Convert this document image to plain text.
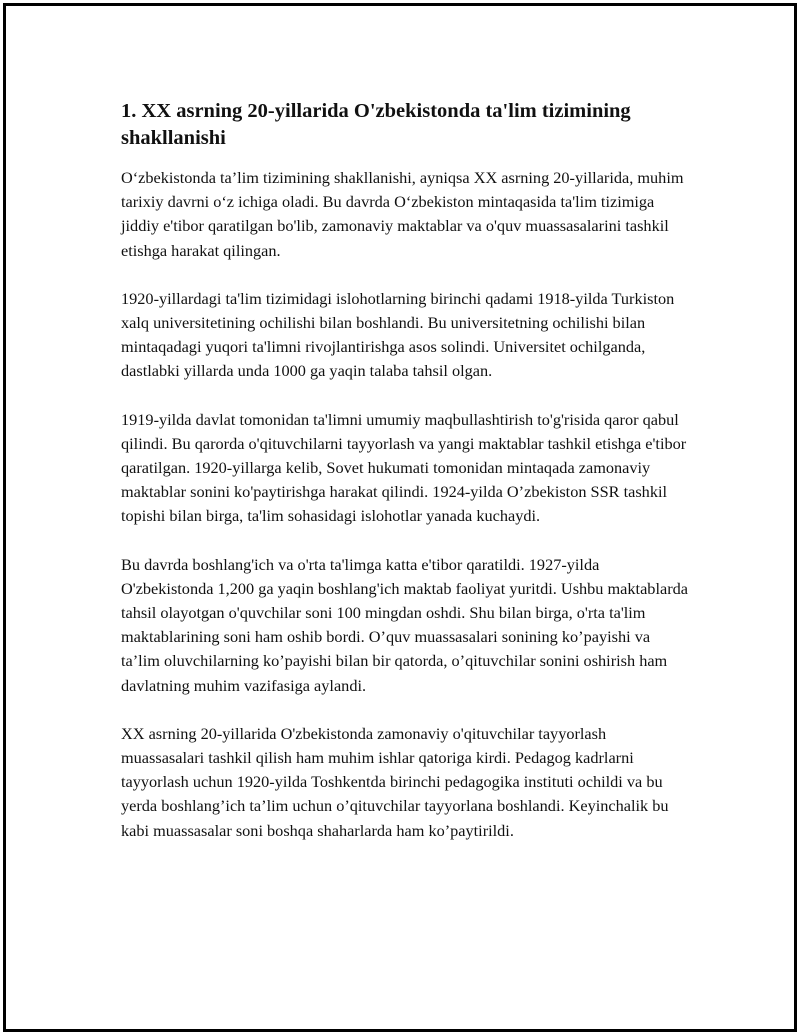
1. XX asrning 20-yillarida O'zbekistonda ta'lim tizimining shakllanishi

O‘zbekistonda ta’lim tizimining shakllanishi, ayniqsa XX asrning 20-yillarida, muhim tarixiy davrni o‘z ichiga oladi. Bu davrda O‘zbekiston mintaqasida ta'lim tizimiga jiddiy e'tibor qaratilgan bo'lib, zamonaviy maktablar va o'quv muassasalarini tashkil etishga harakat qilingan.

1920-yillardagi ta'lim tizimidagi islohotlarning birinchi qadami 1918-yilda Turkiston xalq universitetining ochilishi bilan boshlandi. Bu universitetning ochilishi bilan mintaqadagi yuqori ta'limni rivojlantirishga asos solindi. Universitet ochilganda, dastlabki yillarda unda 1000 ga yaqin talaba tahsil olgan.

1919-yilda davlat tomonidan ta'limni umumiy maqbullashtirish to'g'risida qaror qabul qilindi. Bu qarorda o'qituvchilarni tayyorlash va yangi maktablar tashkil etishga e'tibor qaratilgan. 1920-yillarga kelib, Sovet hukumati tomonidan mintaqada zamonaviy maktablar sonini ko'paytirishga harakat qilindi. 1924-yilda O’zbekiston SSR tashkil topishi bilan birga, ta'lim sohasidagi islohotlar yanada kuchaydi.

Bu davrda boshlang'ich va o'rta ta'limga katta e'tibor qaratildi. 1927-yilda O'zbekistonda 1,200 ga yaqin boshlang'ich maktab faoliyat yuritdi. Ushbu maktablarda tahsil olayotgan o'quvchilar soni 100 mingdan oshdi. Shu bilan birga, o'rta ta'lim maktablarining soni ham oshib bordi. O’quv muassasalari sonining ko’payishi va ta’lim oluvchilarning ko’payishi bilan bir qatorda, o’qituvchilar sonini oshirish ham davlatning muhim vazifasiga aylandi.

XX asrning 20-yillarida O'zbekistonda zamonaviy o'qituvchilar tayyorlash muassasalari tashkil qilish ham muhim ishlar qatoriga kirdi. Pedagog kadrlarni tayyorlash uchun 1920-yilda Toshkentda birinchi pedagogika instituti ochildi va bu yerda boshlang’ich ta’lim uchun o’qituvchilar tayyorlana boshlandi. Keyinchalik bu kabi muassasalar soni boshqa shaharlarda ham ko’paytirildi.
